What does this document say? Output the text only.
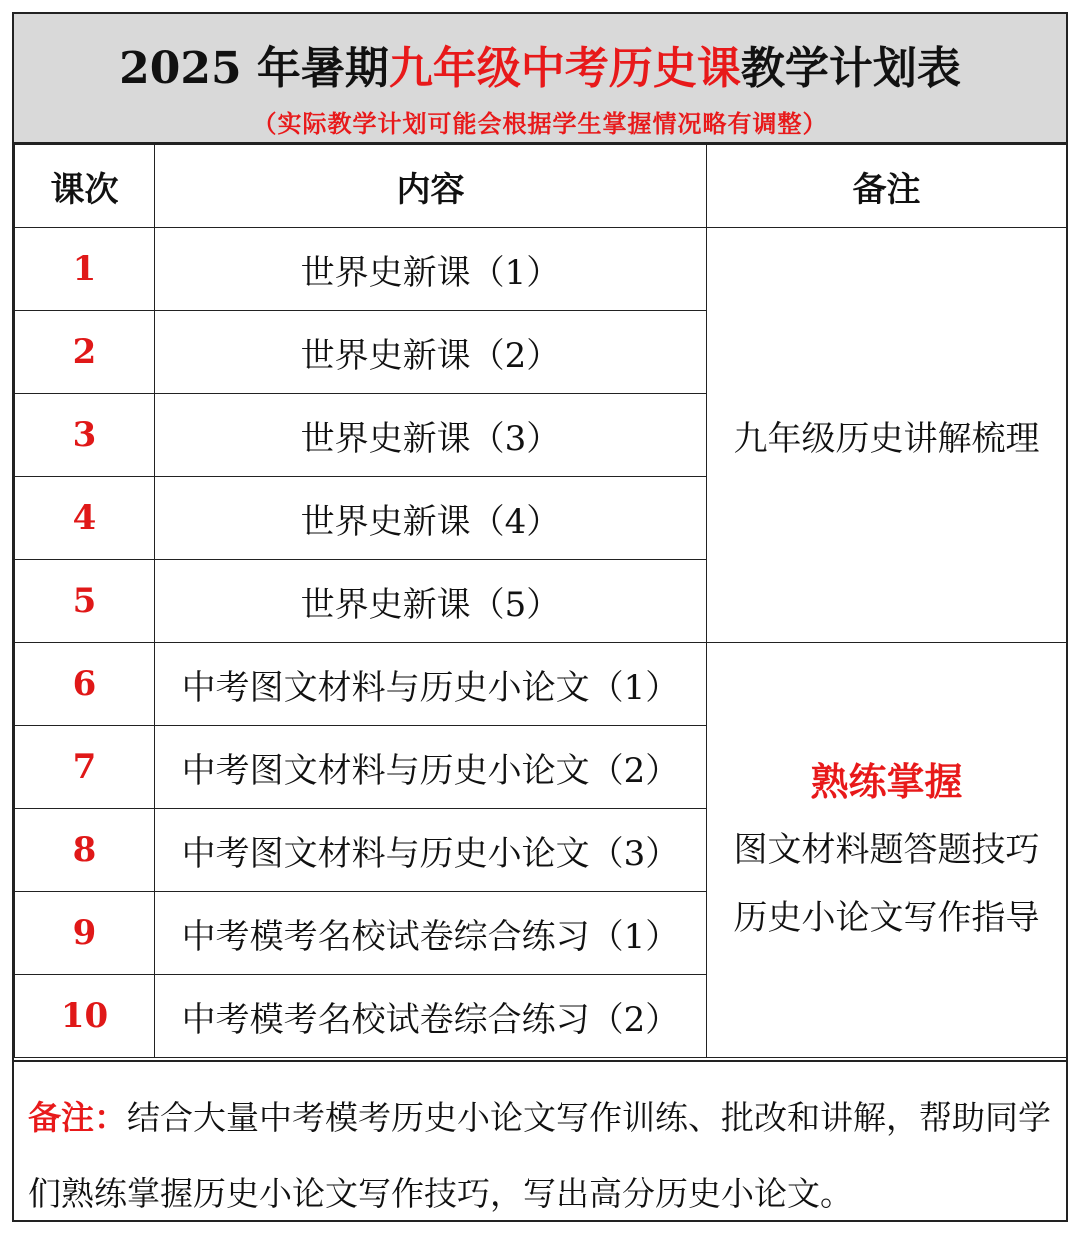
2025 年暑期九年级中考历史课教学计划表
（实际教学计划可能会根据学生掌握情况略有调整）
课次	内容	备注
1	世界史新课（1）	九年级历史讲解梳理
2	世界史新课（2）	
3	世界史新课（3）	
4	世界史新课（4）	
5	世界史新课（5）	
6	中考图文材料与历史小论文（1）	熟练掌握
图文材料题答题技巧
历史小论文写作指导

7	中考图文材料与历史小论文（2）	
8	中考图文材料与历史小论文（3）	
9	中考模考名校试卷综合练习（1）	
10	中考模考名校试卷综合练习（2）	
备注：结合大量中考模考历史小论文写作训练、批改和讲解，帮助同学们熟练掌握历史小论文写作技巧，写出高分历史小论文。
